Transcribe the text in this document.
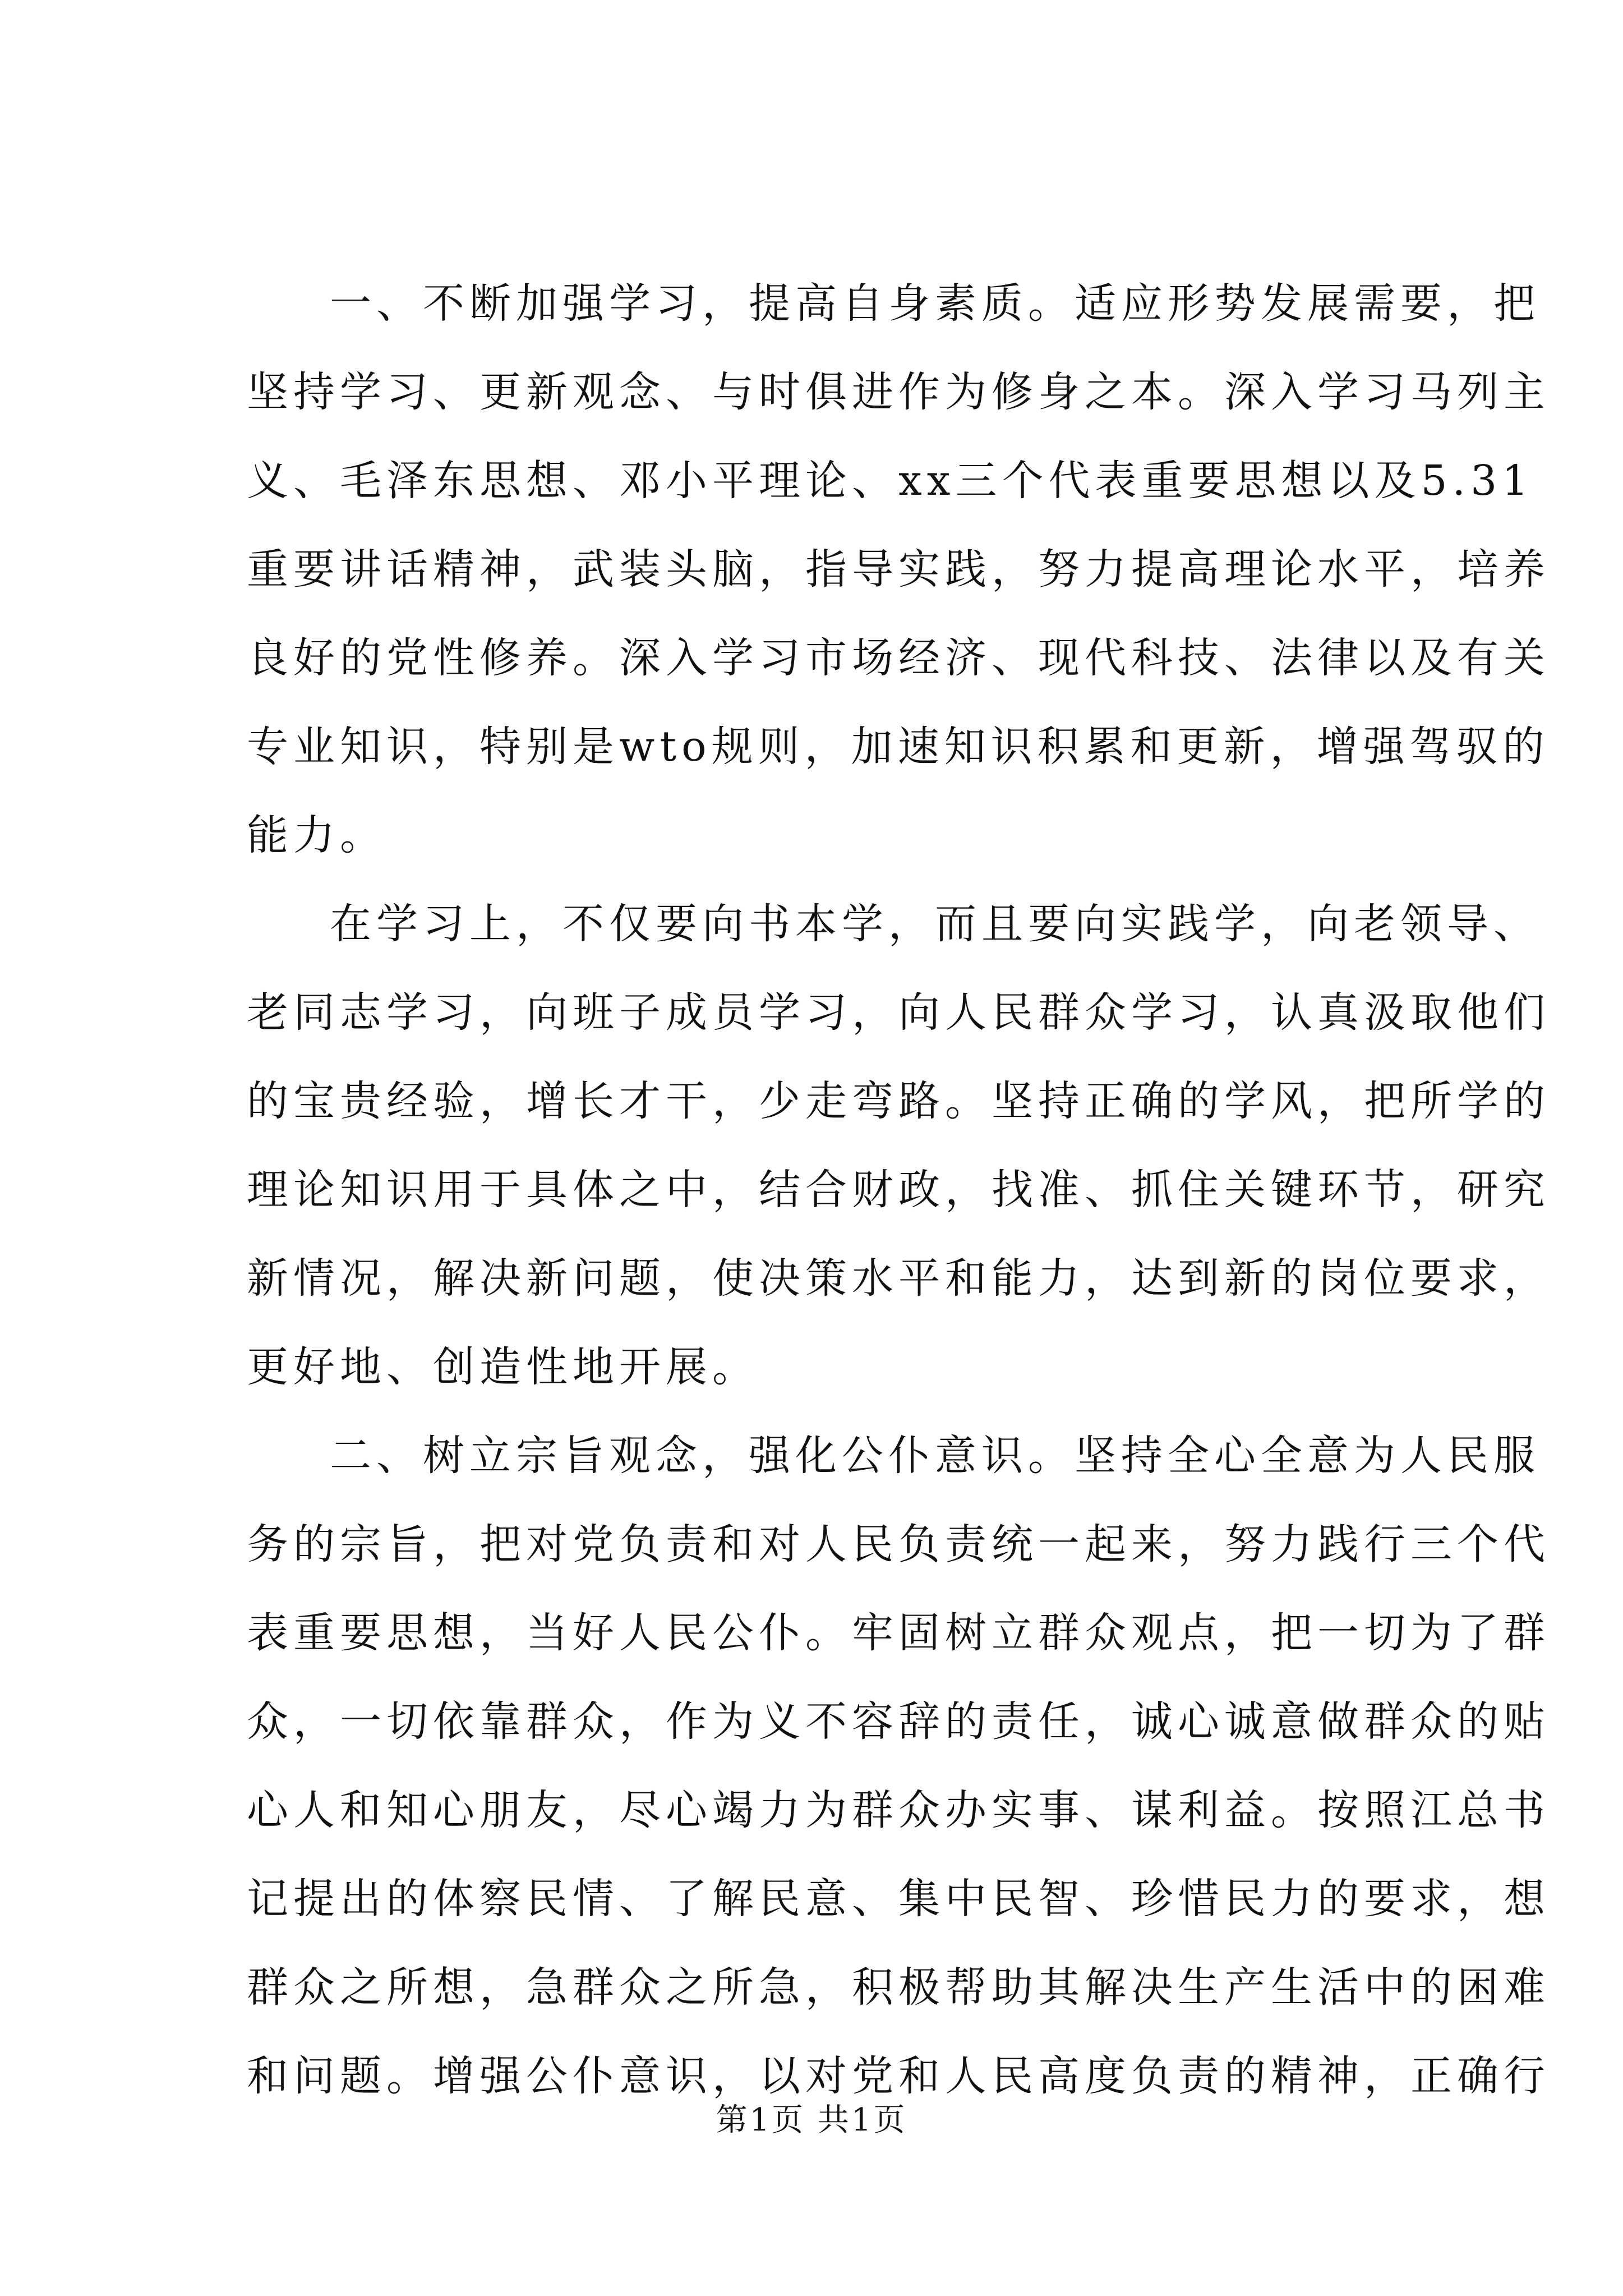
一、不断加强学习，提高自身素质。适应形势发展需要，把
坚持学习、更新观念、与时俱进作为修身之本。深入学习马列主
义、毛泽东思想、邓小平理论、xx三个代表重要思想以及5.31
重要讲话精神，武装头脑，指导实践，努力提高理论水平，培养
良好的党性修养。深入学习市场经济、现代科技、法律以及有关
专业知识，特别是wto规则，加速知识积累和更新，增强驾驭的
能力。
在学习上，不仅要向书本学，而且要向实践学，向老领导、
老同志学习，向班子成员学习，向人民群众学习，认真汲取他们
的宝贵经验，增长才干，少走弯路。坚持正确的学风，把所学的
理论知识用于具体之中，结合财政，找准、抓住关键环节，研究
新情况，解决新问题，使决策水平和能力，达到新的岗位要求，
更好地、创造性地开展。
二、树立宗旨观念，强化公仆意识。坚持全心全意为人民服
务的宗旨，把对党负责和对人民负责统一起来，努力践行三个代
表重要思想，当好人民公仆。牢固树立群众观点，把一切为了群
众，一切依靠群众，作为义不容辞的责任，诚心诚意做群众的贴
心人和知心朋友，尽心竭力为群众办实事、谋利益。按照江总书
记提出的体察民情、了解民意、集中民智、珍惜民力的要求，想
群众之所想，急群众之所急，积极帮助其解决生产生活中的困难
和问题。增强公仆意识，以对党和人民高度负责的精神，正确行
第1页 共1页
